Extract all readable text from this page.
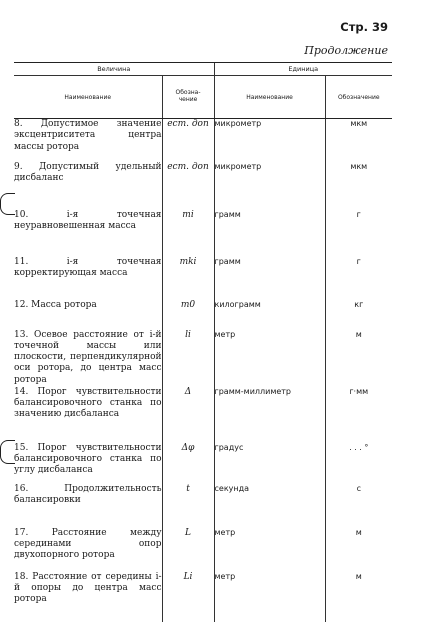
Стр. 39
Продолжение
Величина		Единица	
Наименование	Обозна-
чение	Наименование	Обозначение
8. Допустимое значение эксцентриситета центра массы ротора	eст. доп	микрометр	мкм
9. Допустимый удельный дисбаланс	eст. доп	микрометр	мкм
10. i-я точечная неуравновешенная масса	mi	грамм	г
11. i-я точечная корректирующая масса	mki	грамм	г
12. Масса ротора	m0	килограмм	кг
13. Осевое расстояние от i-й точечной массы или плоскости, перпендикулярной оси ротора, до центра масс ротора	li	метр	м
14. Порог чувствительности балансировочного станка по значению дисбаланса	Δ	грамм-миллиметр	г·мм
15. Порог чувствительности балансировочного станка по углу дисбаланса	Δφ	градус	. . . °
16. Продолжительность балансировки	t	секунда	с
17. Расстояние между серединами опор двухопорного ротора	L	метр	м
18. Расстояние от середины i-й опоры до центра масс ротора	Li	метр	м
